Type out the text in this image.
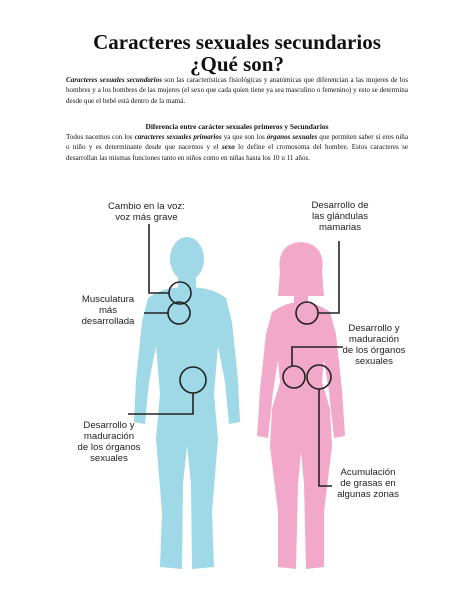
Caracteres sexuales secundarios
¿Qué son?
Caracteres sexuales secundarios son las características fisiológicas y anatómicas que diferencian a las mujeres de los hombres y a los hombres de las mujeres (el sexo que cada quien tiene ya sea masculino o femenino) y esto se determina desde que el bebé está dentro de la mamá.
Diferencia entre carácter sexuales primeros y Secundarios
Todos nacemos con los caracteres sexuales primarios ya que son los órganos sexuales que permiten saber si eres niña o niño y es determinante desde que nacemos y el sexo lo define el cromosoma del hombre. Estos caracteres se desarrollan las mismas funciones tanto en niños como en niñas hasta los 10 u 11 años.
Cambio en la voz:
voz más grave
Musculatura
más
desarrollada
Desarrollo y
maduración
de los órganos
sexuales
Desarrollo de
las glándulas
mamarias
Desarrollo y
maduración
de los órganos
sexuales
Acumulación
de grasas en
algunas zonas
